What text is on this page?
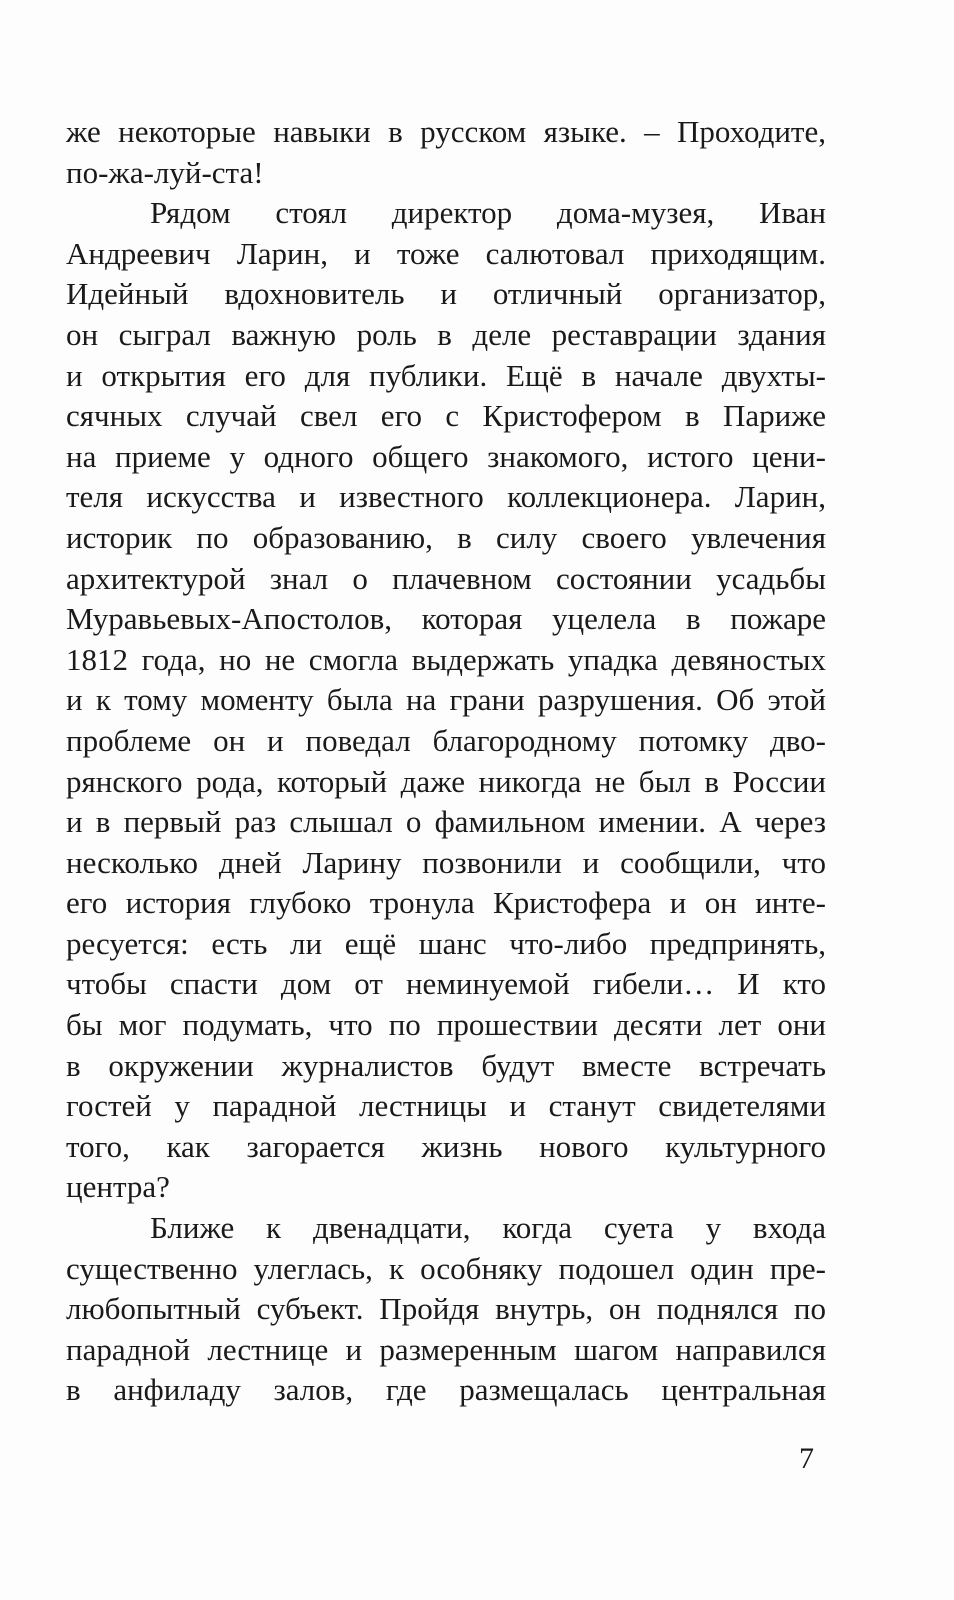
же некоторые навыки в русском языке. – Проходите,
по-жа-луй-ста!

Рядом стоял директор дома-музея, Иван
Андреевич Ларин, и тоже салютовал приходящим.
Идейный вдохновитель и отличный организатор,
он сыграл важную роль в деле реставрации здания
и открытия его для публики. Ещё в начале двухты-
сячных случай свел его с Кристофером в Париже
на приеме у одного общего знакомого, истого цени-
теля искусства и известного коллекционера. Ларин,
историк по образованию, в силу своего увлечения
архитектурой знал о плачевном состоянии усадьбы
Муравьевых-Апостолов, которая уцелела в пожаре
1812 года, но не смогла выдержать упадка девяностых
и к тому моменту была на грани разрушения. Об этой
проблеме он и поведал благородному потомку дво-
рянского рода, который даже никогда не был в России
и в первый раз слышал о фамильном имении. А через
несколько дней Ларину позвонили и сообщили, что
его история глубоко тронула Кристофера и он инте-
ресуется: есть ли ещё шанс что-либо предпринять,
чтобы спасти дом от неминуемой гибели… И кто
бы мог подумать, что по прошествии десяти лет они
в окружении журналистов будут вместе встречать
гостей у парадной лестницы и станут свидетелями
того, как загорается жизнь нового культурного
центра?

Ближе к двенадцати, когда суета у входа
существенно улеглась, к особняку подошел один пре-
любопытный субъект. Пройдя внутрь, он поднялся по
парадной лестнице и размеренным шагом направился
в анфиладу залов, где размещалась центральная

7
